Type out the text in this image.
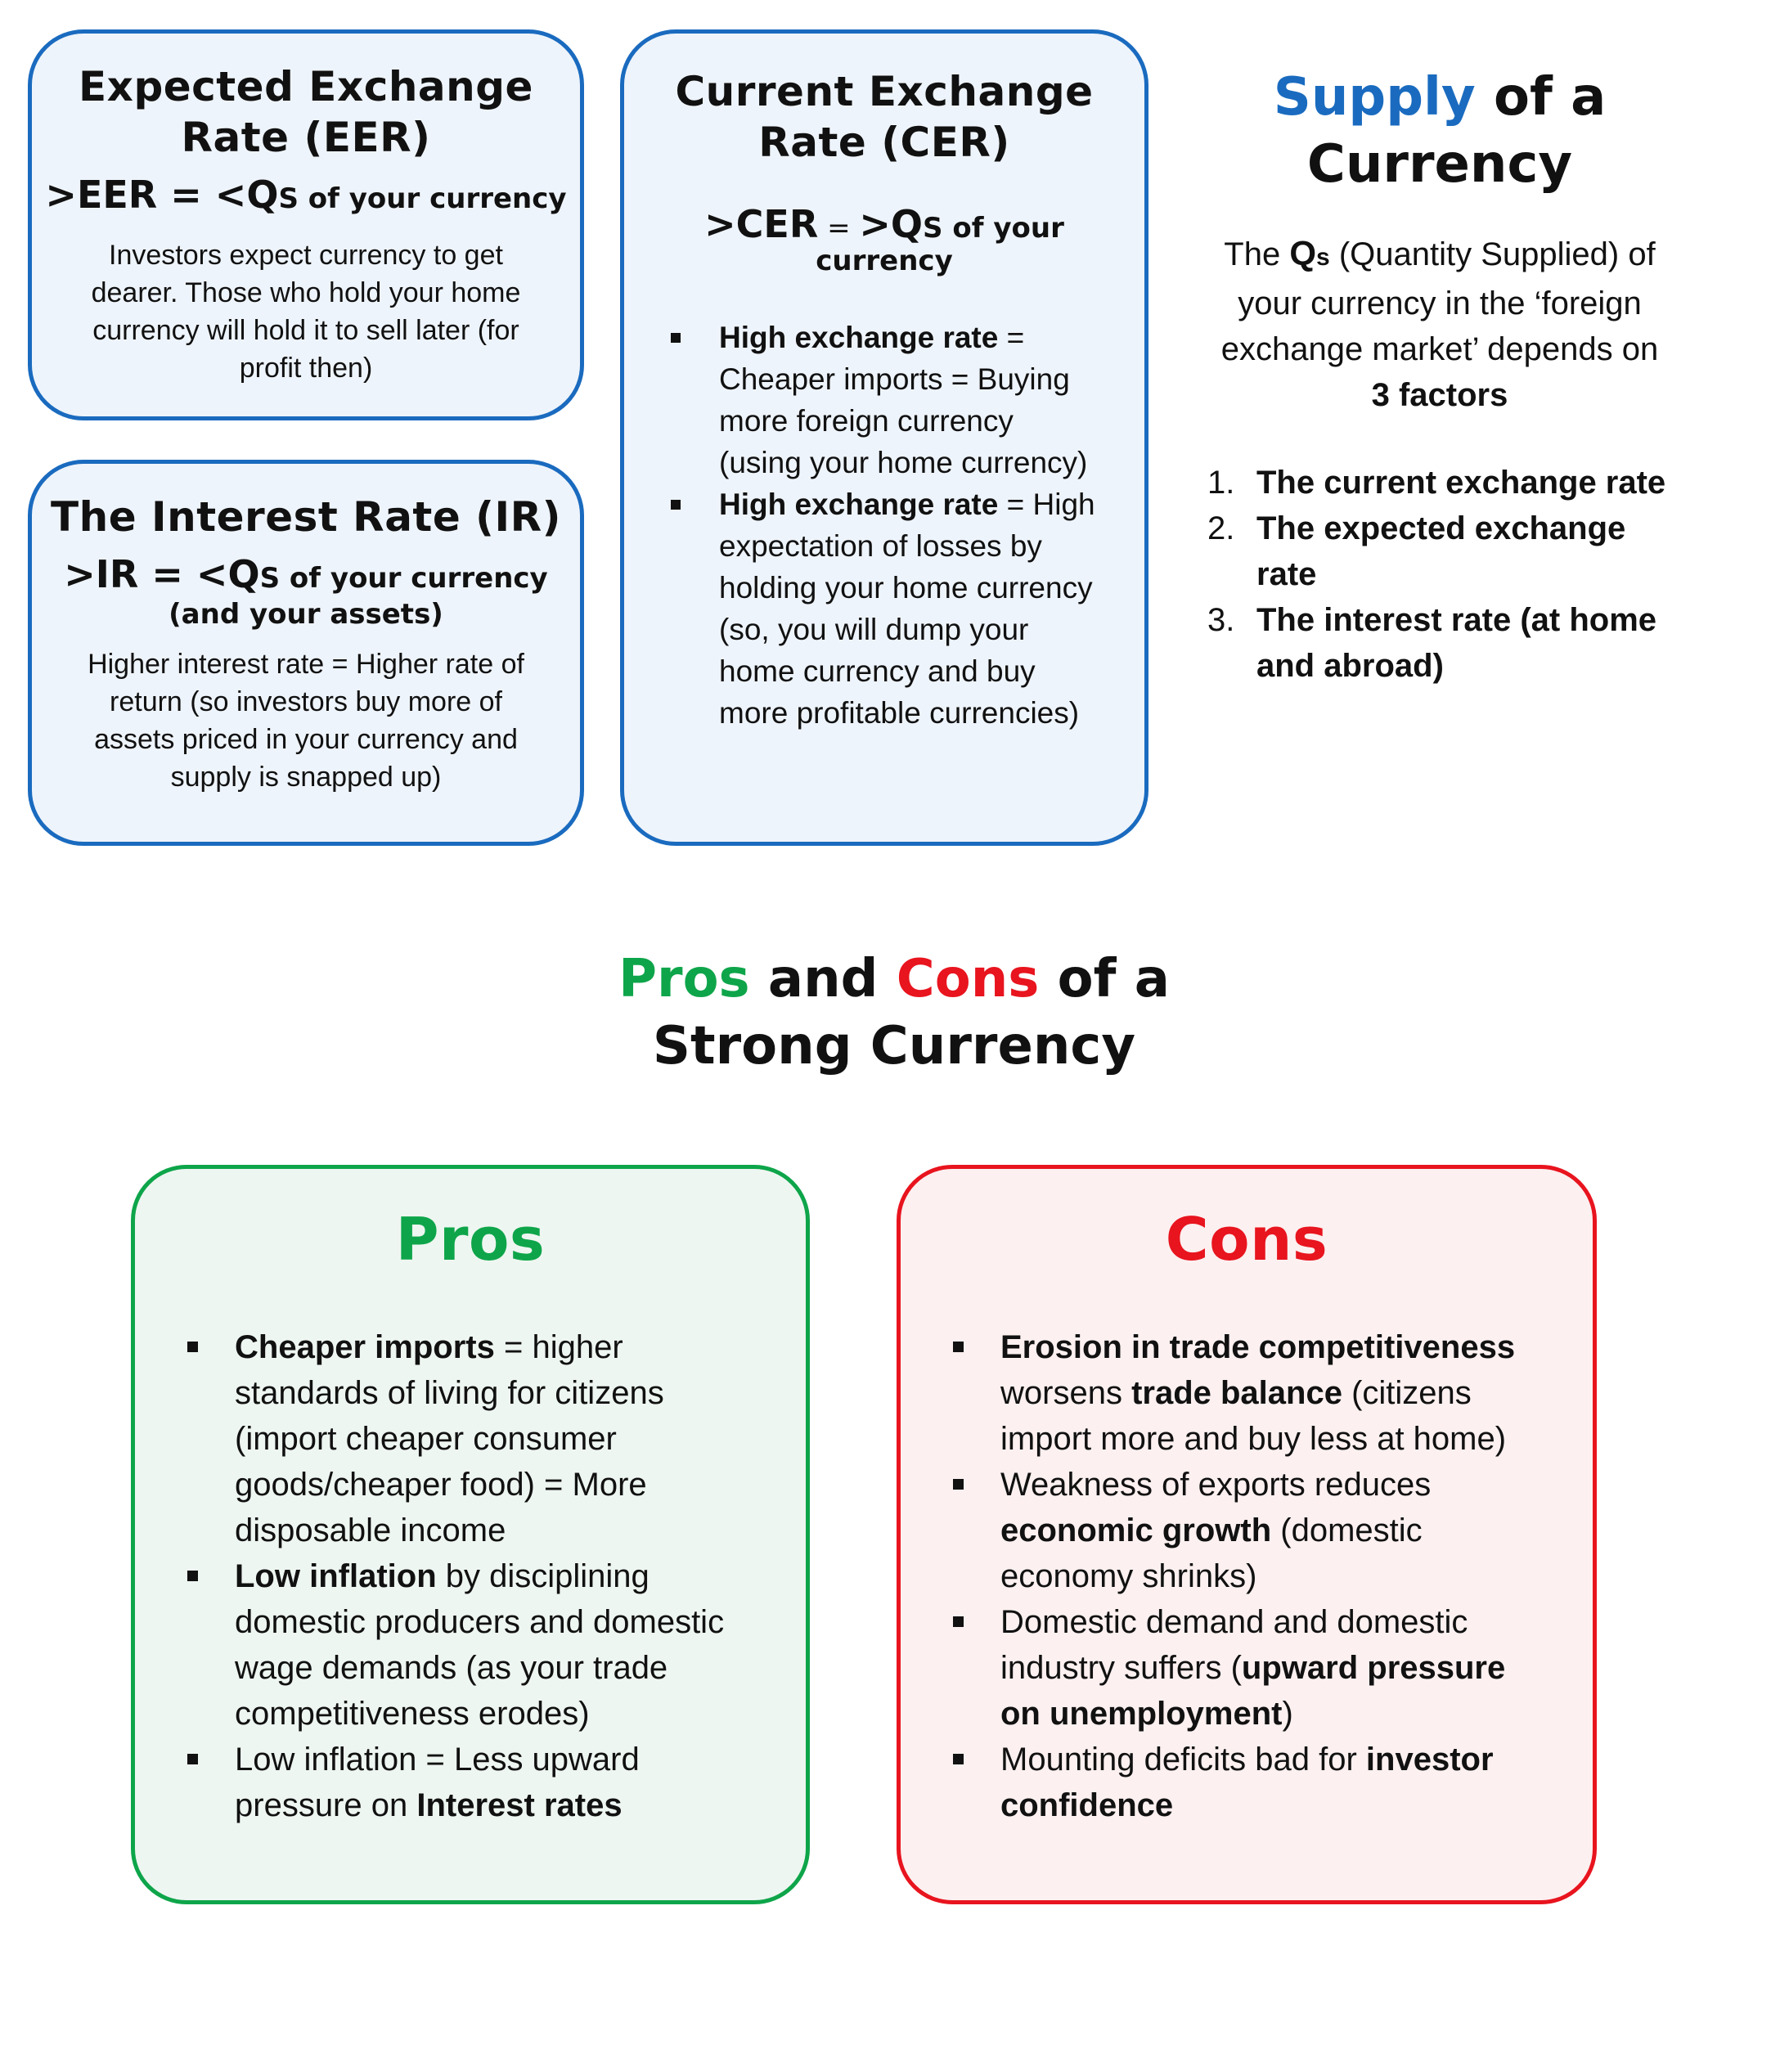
Expected Exchange
Rate (EER)
>EER = <QS of your currency
Investors expect currency to get dearer. Those who hold your home currency will hold it to sell later (for profit then)
The Interest Rate (IR)
>IR = <QS of your currency
(and your assets)
Higher interest rate = Higher rate of return (so investors buy more of assets priced in your currency and supply is snapped up)
Current Exchange
Rate (CER)
>CER = >QS of your
currency
High exchange rate = Cheaper imports = Buying more foreign currency (using your home currency)
High exchange rate = High expectation of losses by holding your home currency (so, you will dump your home currency and buy more profitable currencies)
Supply of a
Currency
The Qs (Quantity Supplied) of your currency in the ‘foreign exchange market’ depends on
3 factors
1. The current exchange rate
2. The expected exchange rate
3. The interest rate (at home and abroad)
Pros and Cons of a
Strong Currency
Pros
Cheaper imports = higher standards of living for citizens (import cheaper consumer goods/cheaper food) = More disposable income
Low inflation by disciplining domestic producers and domestic wage demands (as your trade competitiveness erodes)
Low inflation = Less upward pressure on Interest rates
Cons
Erosion in trade competitiveness worsens trade balance (citizens import more and buy less at home)
Weakness of exports reduces economic growth (domestic economy shrinks)
Domestic demand and domestic industry suffers (upward pressure on unemployment)
Mounting deficits bad for investor confidence
